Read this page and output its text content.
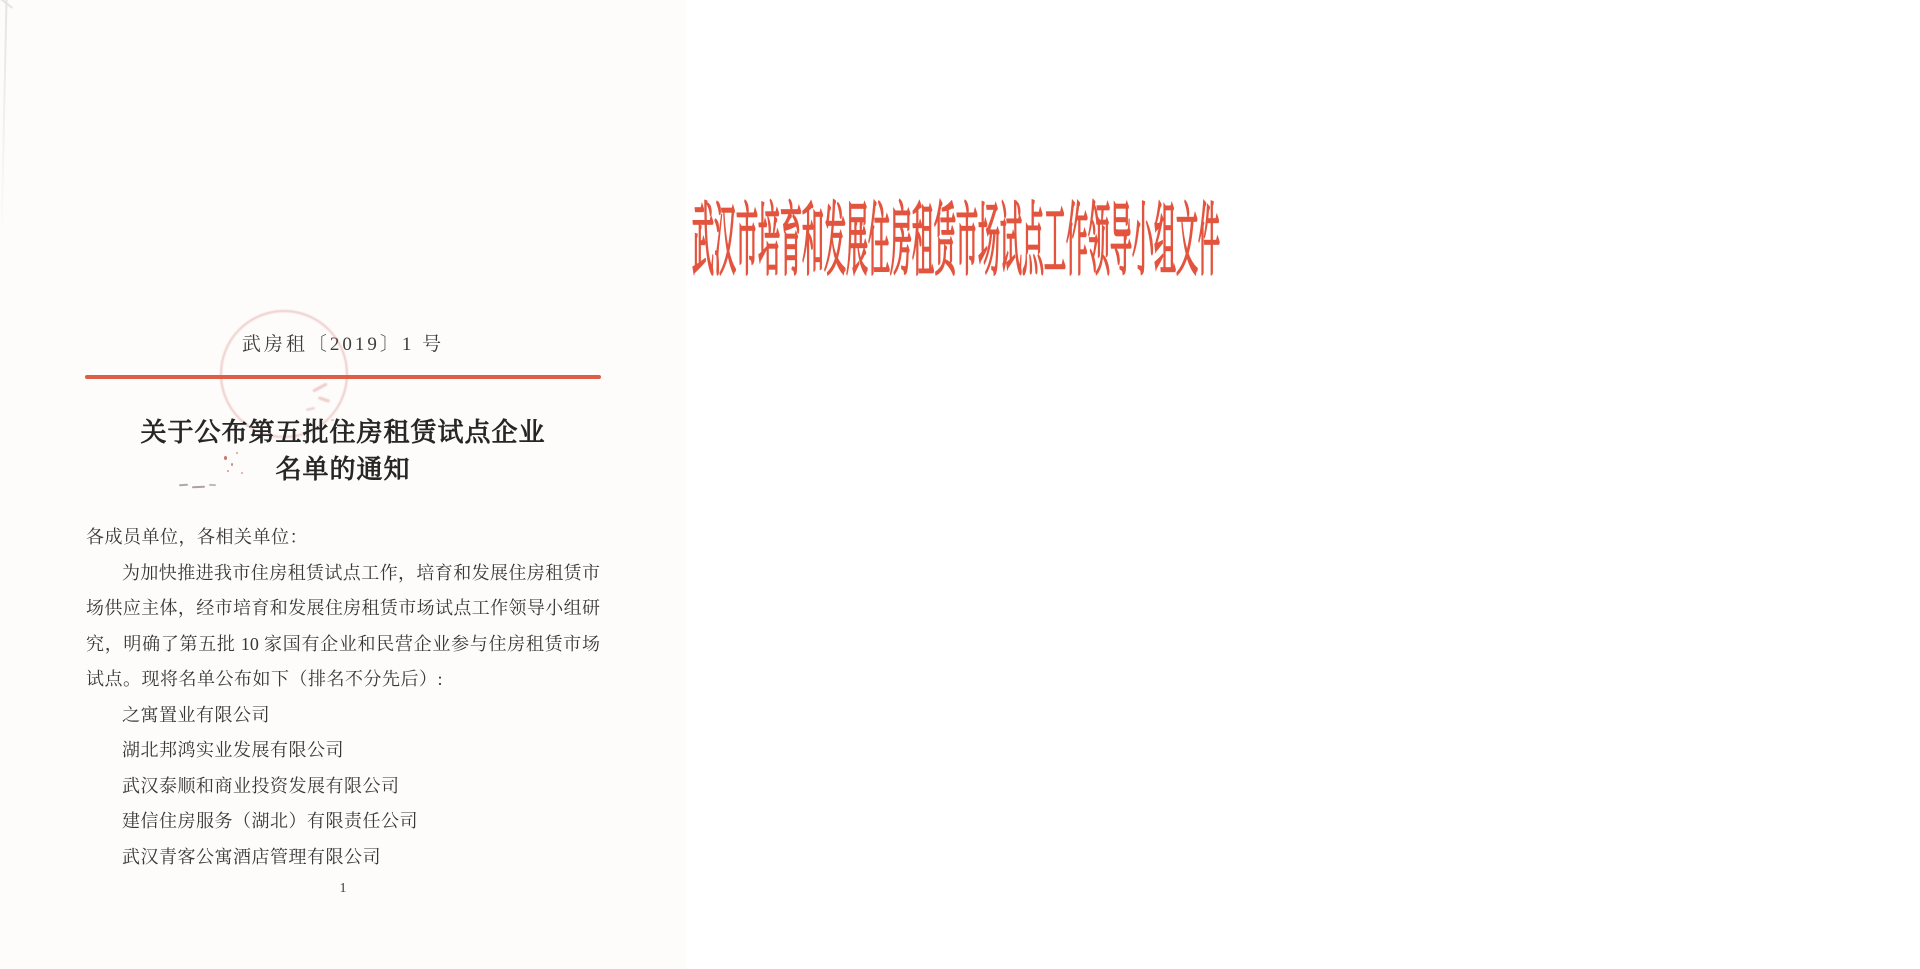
武汉市培育和发展住房租赁市场试点工作领导小组文件
武房租〔2019〕1 号
关于公布第五批住房租赁试点企业
名单的通知
各成员单位，各相关单位：
为加快推进我市住房租赁试点工作，培育和发展住房租赁市
场供应主体，经市培育和发展住房租赁市场试点工作领导小组研
究，明确了第五批 10 家国有企业和民营企业参与住房租赁市场
试点。现将名单公布如下（排名不分先后）:
之寓置业有限公司
湖北邦鸿实业发展有限公司
武汉泰顺和商业投资发展有限公司
建信住房服务（湖北）有限责任公司
武汉青客公寓酒店管理有限公司
1
